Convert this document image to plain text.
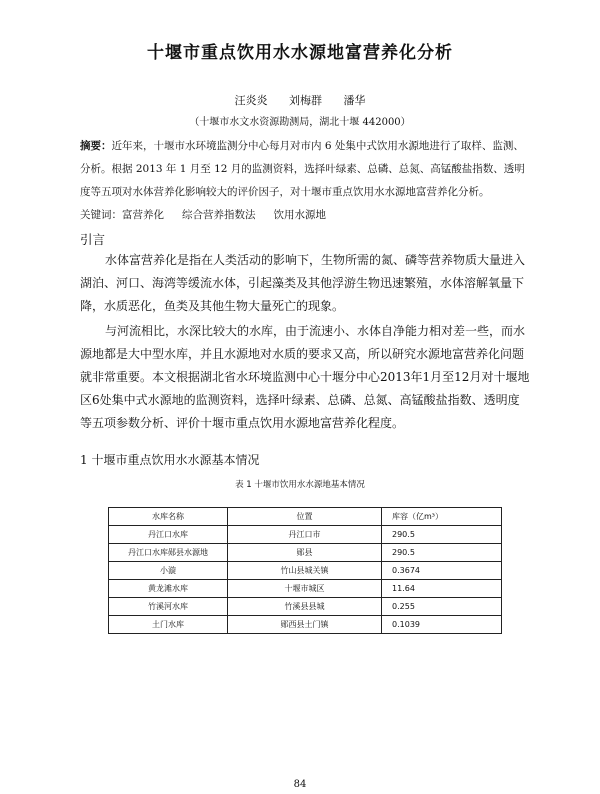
十堰市重点饮用水水源地富营养化分析
汪炎炎 刘梅群 潘华
（十堰市水文水资源勘测局，湖北十堰 442000）
摘要：近年来，十堰市水环境监测分中心每月对市内 6 处集中式饮用水源地进行了取样、监测、分析。根据 2013 年 1 月至 12 月的监测资料，选择叶绿素、总磷、总氮、高锰酸盐指数、透明度等五项对水体营养化影响较大的评价因子，对十堰市重点饮用水水源地富营养化分析。
关键词：富营养化 综合营养指数法 饮用水源地
引言

水体富营养化是指在人类活动的影响下，生物所需的氮、磷等营养物质大量进入湖泊、河口、海湾等缓流水体，引起藻类及其他浮游生物迅速繁殖，水体溶解氧量下降，水质恶化，鱼类及其他生物大量死亡的现象。

与河流相比，水深比较大的水库，由于流速小、水体自净能力相对差一些，而水源地都是大中型水库，并且水源地对水质的要求又高，所以研究水源地富营养化问题就非常重要。本文根据湖北省水环境监测中心十堰分中心2013年1月至12月对十堰地区6处集中式水源地的监测资料，选择叶绿素、总磷、总氮、高锰酸盐指数、透明度等五项参数分析、评价十堰市重点饮用水源地富营养化程度。

1 十堰市重点饮用水水源基本情况
表 1 十堰市饮用水水源地基本情况
水库名称	位置	库容（亿m³）
丹江口水库	丹江口市	290.5
丹江口水库郧县水源地	郧县	290.5
小漩	竹山县城关镇	0.3674
黄龙滩水库	十堰市城区	11.64
竹溪河水库	竹溪县县城	0.255
土门水库	郧西县土门镇	0.1039
84
